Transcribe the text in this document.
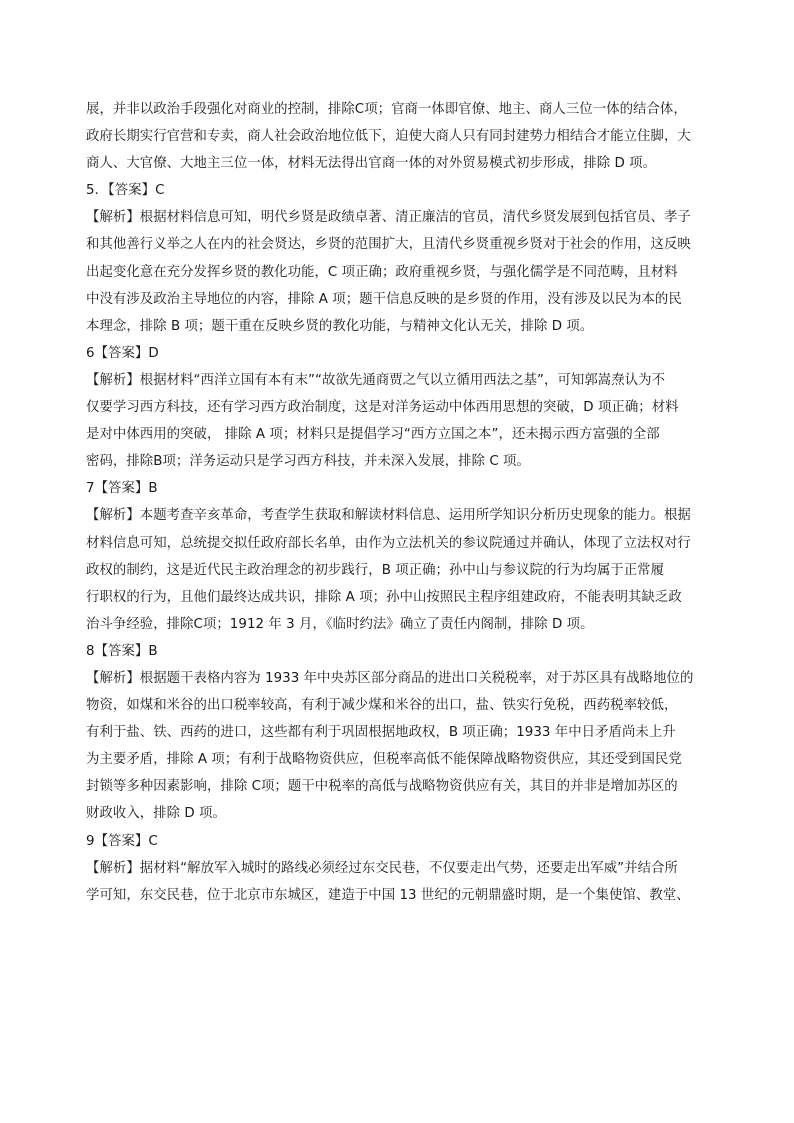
展，并非以政治手段强化对商业的控制，排除C项；官商一体即官僚、地主、商人三位一体的结合体，
政府长期实行官营和专卖，商人社会政治地位低下，迫使大商人只有同封建势力相结合才能立住脚，大
商人、大官僚、大地主三位一体，材料无法得出官商一体的对外贸易模式初步形成，排除 D 项。
5．【答案】C
【解析】根据材料信息可知，明代乡贤是政绩卓著、清正廉洁的官员，清代乡贤发展到包括官员、孝子
和其他善行义举之人在内的社会贤达，乡贤的范围扩大，且清代乡贤重视乡贤对于社会的作用，这反映
出起变化意在充分发挥乡贤的教化功能，C 项正确；政府重视乡贤，与强化儒学是不同范畴，且材料
中没有涉及政治主导地位的内容，排除 A 项；题干信息反映的是乡贤的作用，没有涉及以民为本的民
本理念，排除 B 项；题干重在反映乡贤的教化功能，与精神文化认无关，排除 D 项。
6【答案】D
【解析】根据材料“西洋立国有本有末”“故欲先通商贾之气以立循用西法之基”，可知郭嵩焘认为不
仅要学习西方科技，还有学习西方政治制度，这是对洋务运动中体西用思想的突破，D 项正确；材料
是对中体西用的突破， 排除 A 项；材料只是提倡学习“西方立国之本”，还未揭示西方富强的全部
密码，排除B项；洋务运动只是学习西方科技，并未深入发展，排除 C 项。
7【答案】B
【解析】本题考查辛亥革命，考查学生获取和解读材料信息、运用所学知识分析历史现象的能力。根据
材料信息可知，总统提交拟任政府部长名单，由作为立法机关的参议院通过并确认，体现了立法权对行
政权的制约，这是近代民主政治理念的初步践行，B 项正确；孙中山与参议院的行为均属于正常履
行职权的行为，且他们最终达成共识，排除 A 项；孙中山按照民主程序组建政府，不能表明其缺乏政
治斗争经验，排除C项；1912 年 3 月，《临时约法》确立了责任内阁制，排除 D 项。
8【答案】B
【解析】根据题干表格内容为 1933 年中央苏区部分商品的进出口关税税率，对于苏区具有战略地位的
物资，如煤和米谷的出口税率较高，有利于减少煤和米谷的出口，盐、铁实行免税，西药税率较低，
有利于盐、铁、西药的进口，这些都有利于巩固根据地政权，B 项正确；1933 年中日矛盾尚未上升
为主要矛盾，排除 A 项；有利于战略物资供应，但税率高低不能保障战略物资供应，其还受到国民党
封锁等多种因素影响，排除 C项；题干中税率的高低与战略物资供应有关，其目的并非是增加苏区的
财政收入，排除 D 项。
9【答案】C
【解析】据材料“解放军入城时的路线必须经过东交民巷，不仅要走出气势，还要走出军威”并结合所
学可知，东交民巷，位于北京市东城区，建造于中国 13 世纪的元朝鼎盛时期，是一个集使馆、教堂、
